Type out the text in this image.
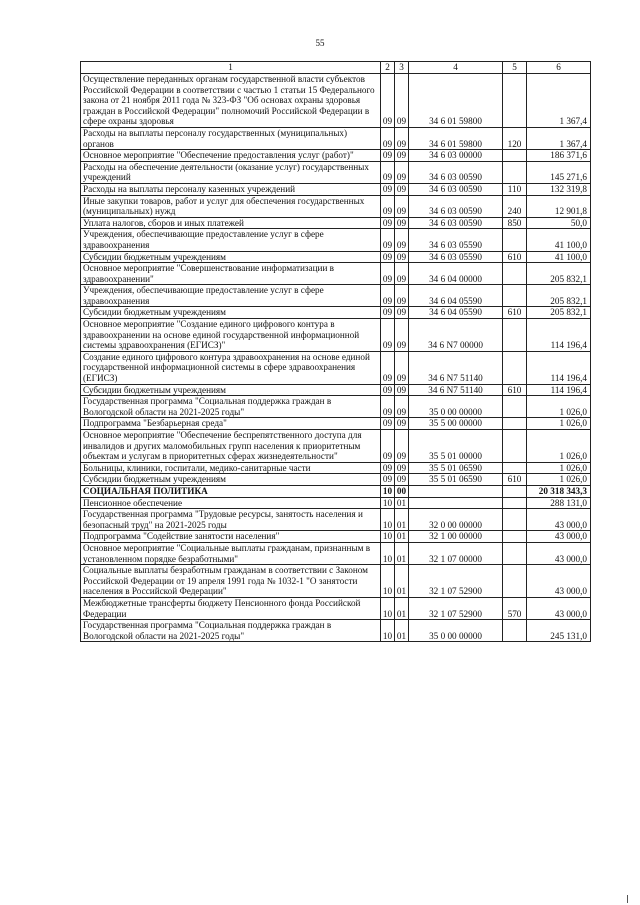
55
1	2	3	4	5	6
Осуществление переданных органам государственной власти субъектов Российской Федерации в соответствии с частью 1 статьи 15 Федерального закона от 21 ноября 2011 года № 323-ФЗ "Об основах охраны здоровья граждан в Российской Федерации" полномочий Российской Федерации в сфере охраны здоровья	09	09	34 6 01 59800		1 367,4
Расходы на выплаты персоналу государственных (муниципальных) органов	09	09	34 6 01 59800	120	1 367,4
Основное мероприятие "Обеспечение предоставления услуг (работ)"	09	09	34 6 03 00000		186 371,6
Расходы на обеспечение деятельности (оказание услуг) государственных учреждений	09	09	34 6 03 00590		145 271,6
Расходы на выплаты персоналу казенных учреждений	09	09	34 6 03 00590	110	132 319,8
Иные закупки товаров, работ и услуг для обеспечения государственных (муниципальных) нужд	09	09	34 6 03 00590	240	12 901,8
Уплата налогов, сборов и иных платежей	09	09	34 6 03 00590	850	50,0
Учреждения, обеспечивающие предоставление услуг в сфере здравоохранения	09	09	34 6 03 05590		41 100,0
Субсидии бюджетным учреждениям	09	09	34 6 03 05590	610	41 100,0
Основное мероприятие "Совершенствование информатизации в здравоохранении"	09	09	34 6 04 00000		205 832,1
Учреждения, обеспечивающие предоставление услуг в сфере здравоохранения	09	09	34 6 04 05590		205 832,1
Субсидии бюджетным учреждениям	09	09	34 6 04 05590	610	205 832,1
Основное мероприятие "Создание единого цифрового контура в здравоохранении на основе единой государственной информационной системы здравоохранения (ЕГИСЗ)"	09	09	34 6 N7 00000		114 196,4
Создание единого цифрового контура здравоохранения на основе единой государственной информационной системы в сфере здравоохранения (ЕГИСЗ)	09	09	34 6 N7 51140		114 196,4
Субсидии бюджетным учреждениям	09	09	34 6 N7 51140	610	114 196,4
Государственная программа "Социальная поддержка граждан в Вологодской области на 2021-2025 годы"	09	09	35 0 00 00000		1 026,0
Подпрограмма "Безбарьерная среда"	09	09	35 5 00 00000		1 026,0
Основное мероприятие "Обеспечение беспрепятственного доступа для инвалидов и других маломобильных групп населения к приоритетным объектам и услугам в приоритетных сферах жизнедеятельности"	09	09	35 5 01 00000		1 026,0
Больницы, клиники, госпитали, медико-санитарные части	09	09	35 5 01 06590		1 026,0
Субсидии бюджетным учреждениям	09	09	35 5 01 06590	610	1 026,0
СОЦИАЛЬНАЯ ПОЛИТИКА	10	00			20 318 343,3
Пенсионное обеспечение	10	01			288 131,0
Государственная программа "Трудовые ресурсы, занятость населения и безопасный труд" на 2021-2025 годы	10	01	32 0 00 00000		43 000,0
Подпрограмма "Содействие занятости населения"	10	01	32 1 00 00000		43 000,0
Основное мероприятие "Социальные выплаты гражданам, признанным в установленном порядке безработными"	10	01	32 1 07 00000		43 000,0
Социальные выплаты безработным гражданам в соответствии с Законом Российской Федерации от 19 апреля 1991 года № 1032-1 "О занятости населения в Российской Федерации"	10	01	32 1 07 52900		43 000,0
Межбюджетные трансферты бюджету Пенсионного фонда Российской Федерации	10	01	32 1 07 52900	570	43 000,0
Государственная программа "Социальная поддержка граждан в Вологодской области на 2021-2025 годы"	10	01	35 0 00 00000		245 131,0
